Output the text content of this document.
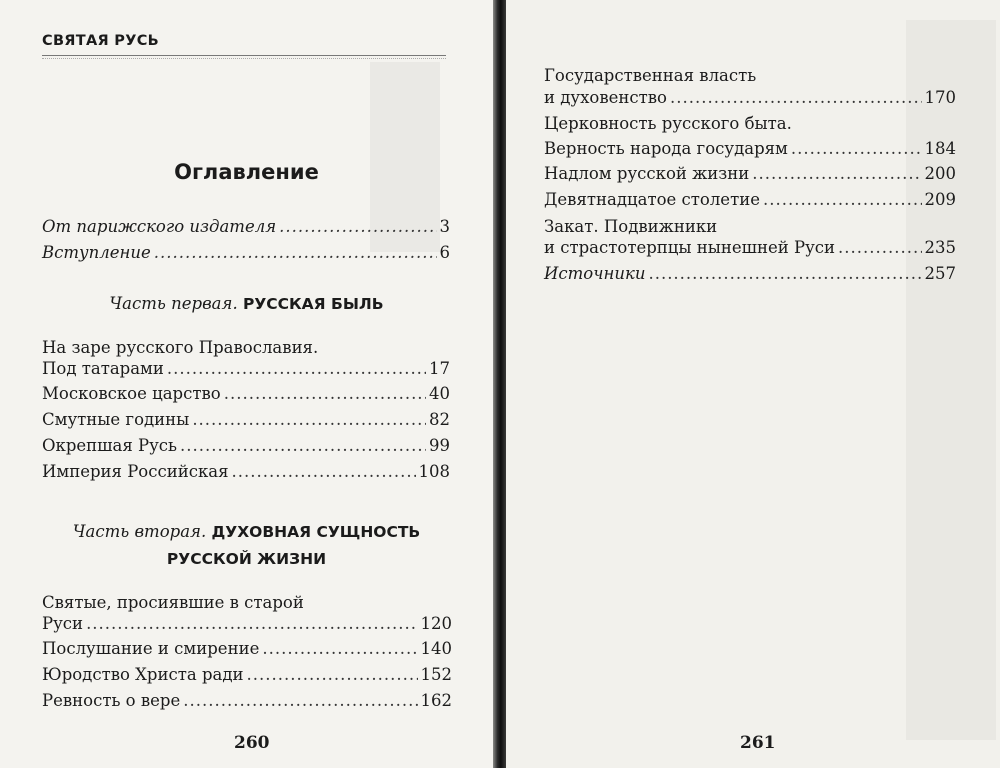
СВЯТАЯ РУСЬ
Оглавление
От парижского издателя .....	3
Вступление .....	6
Часть первая. РУССКАЯ БЫЛЬ
На заре русского Православия.
Под татарами .....	17
Московское царство .....	40
Смутные годины .....	82
Окрепшая Русь .....	99
Империя Российская .....	108
Часть вторая. ДУХОВНАЯ СУЩНОСТЬ
РУССКОЙ ЖИЗНИ
Святые, просиявшие в старой
Руси .....	120
Послушание и смирение .....	140
Юродство Христа ради .....	152
Ревность о вере .....	162
260
Государственная власть
и духовенство .....	170
Церковность русского быта.
Верность народа государям .....	184
Надлом русской жизни .....	200
Девятнадцатое столетие .....	209
Закат. Подвижники
и страстотерпцы нынешней Руси .....	235
Источники .....	257
261
